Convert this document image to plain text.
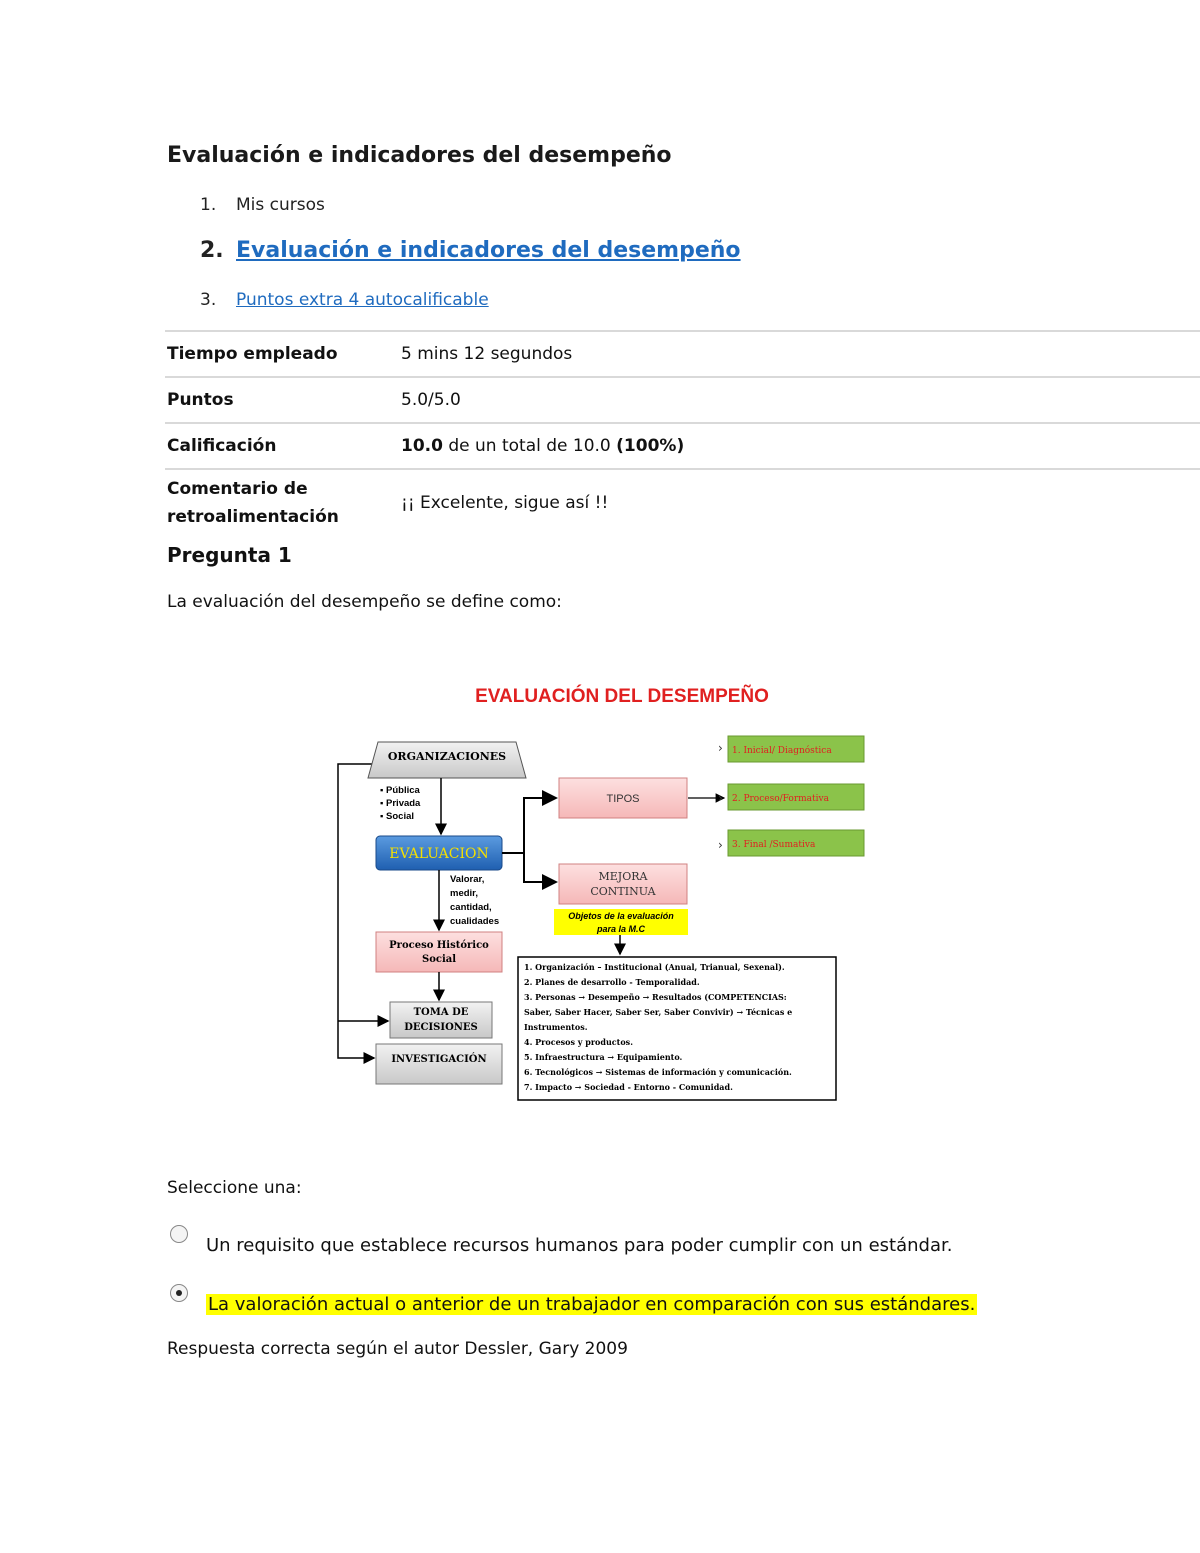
Evaluación e indicadores del desempeño
1. Mis cursos
2. Evaluación e indicadores del desempeño
3. Puntos extra 4 autocalificable
Tiempo empleado	5 mins 12 segundos
Puntos	5.0/5.0
Calificación	10.0 de un total de 10.0 (100%)
Comentario de
retroalimentación	¡¡ Excelente, sigue así !!
Pregunta 1
La evaluación del desempeño se define como:
EVALUACIÓN DEL DESEMPEÑO
ORGANIZACIONES
▪ Pública
▪ Privada
▪ Social
EVALUACION
Valorar,
medir,
cantidad,
cualidades
TIPOS
› 1. Inicial/ Diagnóstica
› 2. Proceso/Formativa
› 3. Final /Sumativa
MEJORA
CONTINUA
Objetos de la evaluación
para la M.C
Proceso Histórico
Social
TOMA DE
DECISIONES
INVESTIGACIÓN
1. Organización – Institucional (Anual, Trianual, Sexenal).
2. Planes de desarrollo - Temporalidad.
3. Personas → Desempeño → Resultados (COMPETENCIAS:
Saber, Saber Hacer, Saber Ser, Saber Convivir) → Técnicas e
Instrumentos.
4. Procesos y productos.
5. Infraestructura → Equipamiento.
6. Tecnológicos → Sistemas de información y comunicación.
7. Impacto → Sociedad - Entorno - Comunidad.
Seleccione una:
Un requisito que establece recursos humanos para poder cumplir con un estándar.
La valoración actual o anterior de un trabajador en comparación con sus estándares.
Respuesta correcta según el autor Dessler, Gary 2009
